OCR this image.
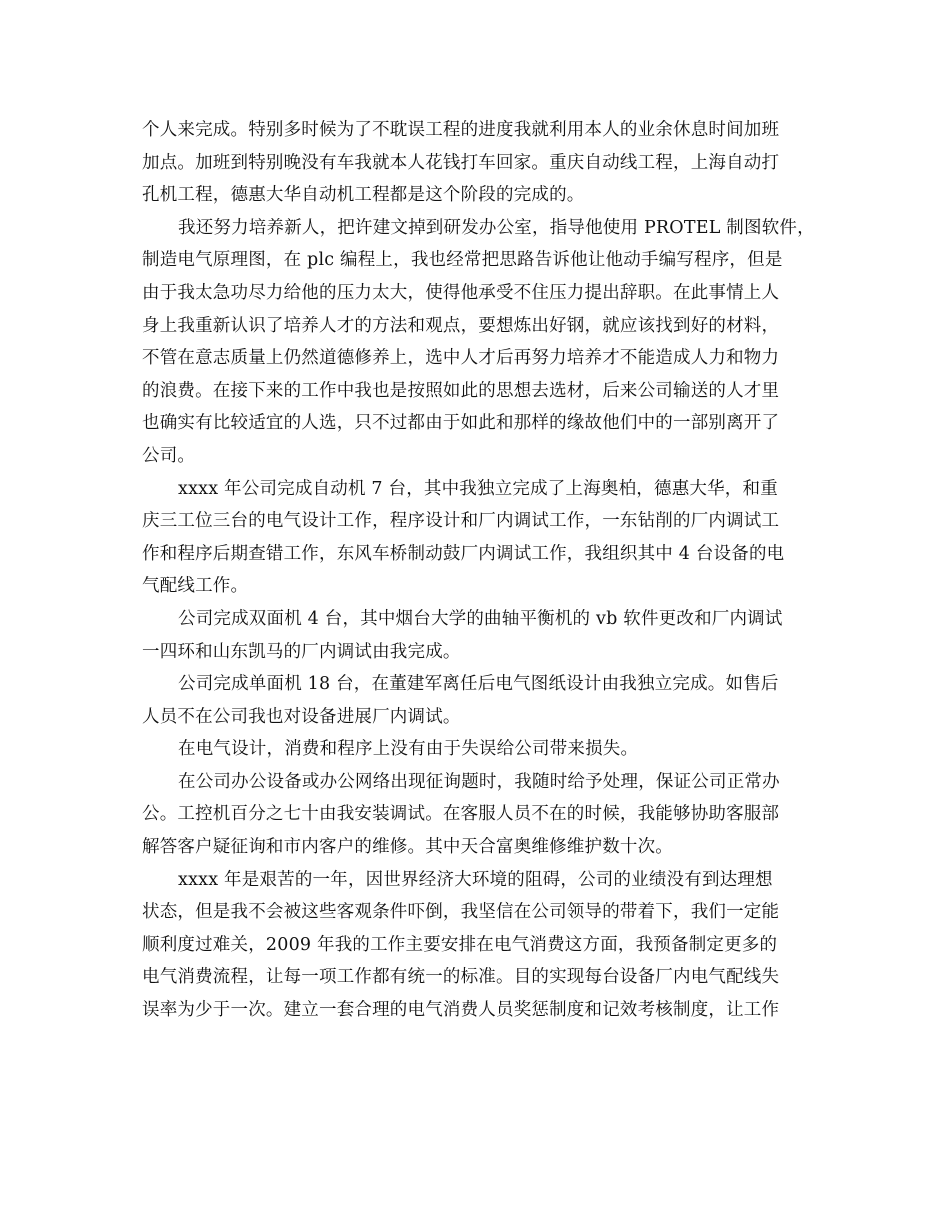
个人来完成。特别多时候为了不耽误工程的进度我就利用本人的业余休息时间加班
加点。加班到特别晚没有车我就本人花钱打车回家。重庆自动线工程，上海自动打
孔机工程，德惠大华自动机工程都是这个阶段的完成的。

我还努力培养新人，把许建文掉到研发办公室，指导他使用 PROTEL 制图软件，
制造电气原理图，在 plc 编程上，我也经常把思路告诉他让他动手编写程序，但是
由于我太急功尽力给他的压力太大，使得他承受不住压力提出辞职。在此事情上人
身上我重新认识了培养人才的方法和观点，要想炼出好钢，就应该找到好的材料，
不管在意志质量上仍然道德修养上，选中人才后再努力培养才不能造成人力和物力
的浪费。在接下来的工作中我也是按照如此的思想去选材，后来公司输送的人才里
也确实有比较适宜的人选，只不过都由于如此和那样的缘故他们中的一部别离开了
公司。

xxxx 年公司完成自动机 7 台，其中我独立完成了上海奥柏，德惠大华，和重
庆三工位三台的电气设计工作，程序设计和厂内调试工作，一东钻削的厂内调试工
作和程序后期查错工作，东风车桥制动鼓厂内调试工作，我组织其中 4 台设备的电
气配线工作。

公司完成双面机 4 台，其中烟台大学的曲轴平衡机的 vb 软件更改和厂内调试
一四环和山东凯马的厂内调试由我完成。

公司完成单面机 18 台，在董建军离任后电气图纸设计由我独立完成。如售后
人员不在公司我也对设备进展厂内调试。

在电气设计，消费和程序上没有由于失误给公司带来损失。

在公司办公设备或办公网络出现征询题时，我随时给予处理，保证公司正常办
公。工控机百分之七十由我安装调试。在客服人员不在的时候，我能够协助客服部
解答客户疑征询和市内客户的维修。其中天合富奥维修维护数十次。

xxxx 年是艰苦的一年，因世界经济大环境的阻碍，公司的业绩没有到达理想
状态，但是我不会被这些客观条件吓倒，我坚信在公司领导的带着下，我们一定能
顺利度过难关，2009 年我的工作主要安排在电气消费这方面，我预备制定更多的
电气消费流程，让每一项工作都有统一的标准。目的实现每台设备厂内电气配线失
误率为少于一次。建立一套合理的电气消费人员奖惩制度和记效考核制度，让工作
